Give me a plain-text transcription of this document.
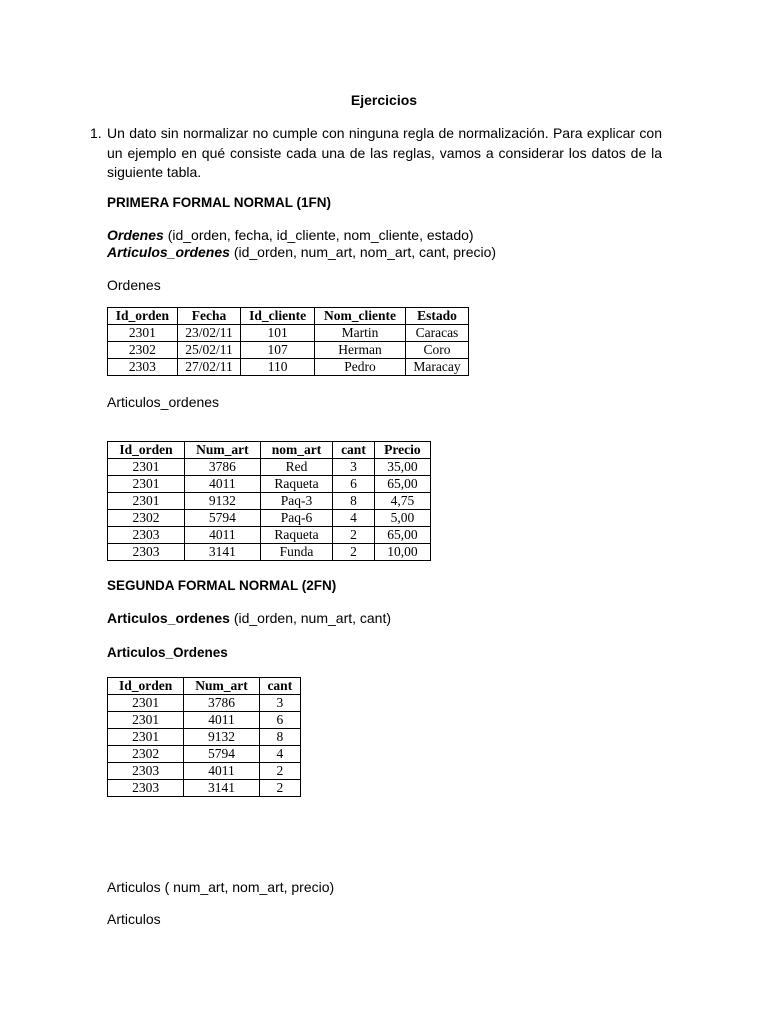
Ejercicios

1. Un dato sin normalizar no cumple con ninguna regla de normalización. Para explicar con un ejemplo en qué consiste cada una de las reglas, vamos a considerar los datos de la siguiente tabla.

PRIMERA FORMAL NORMAL (1FN)

Ordenes (id_orden, fecha, id_cliente, nom_cliente, estado)

Articulos_ordenes (id_orden, num_art, nom_art, cant, precio)

Ordenes

Id_orden	Fecha	Id_cliente	Nom_cliente	Estado
2301	23/02/11	101	Martin	Caracas
2302	25/02/11	107	Herman	Coro
2303	27/02/11	110	Pedro	Maracay

Articulos_ordenes

Id_orden	Num_art	nom_art	cant	Precio
2301	3786	Red	3	35,00
2301	4011	Raqueta	6	65,00
2301	9132	Paq-3	8	4,75
2302	5794	Paq-6	4	5,00
2303	4011	Raqueta	2	65,00
2303	3141	Funda	2	10,00

SEGUNDA FORMAL NORMAL (2FN)

Articulos_ordenes (id_orden, num_art, cant)

Articulos_Ordenes

Id_orden	Num_art	cant
2301	3786	3
2301	4011	6
2301	9132	8
2302	5794	4
2303	4011	2
2303	3141	2

Articulos ( num_art, nom_art, precio)

Articulos
